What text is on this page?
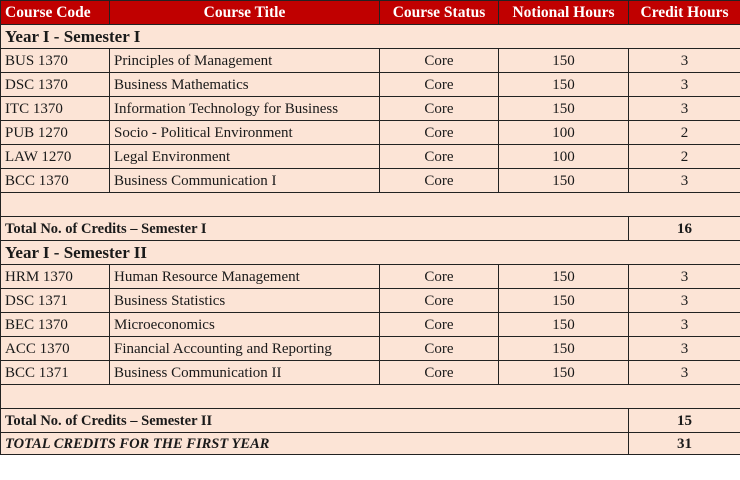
Course Code	Course Title	Course Status	Notional Hours	Credit Hours
Year I - Semester I				
BUS 1370	Principles of Management	Core	150	3
DSC 1370	Business Mathematics	Core	150	3
ITC 1370	Information Technology for Business	Core	150	3
PUB 1270	Socio - Political Environment	Core	100	2
LAW 1270	Legal Environment	Core	100	2
BCC 1370	Business Communication I	Core	150	3

Total No. of Credits – Semester I				16
Year I - Semester II				
HRM 1370	Human Resource Management	Core	150	3
DSC 1371	Business Statistics	Core	150	3
BEC 1370	Microeconomics	Core	150	3
ACC 1370	Financial Accounting and Reporting	Core	150	3
BCC 1371	Business Communication II	Core	150	3

Total No. of Credits – Semester II				15
TOTAL CREDITS FOR THE FIRST YEAR				31
